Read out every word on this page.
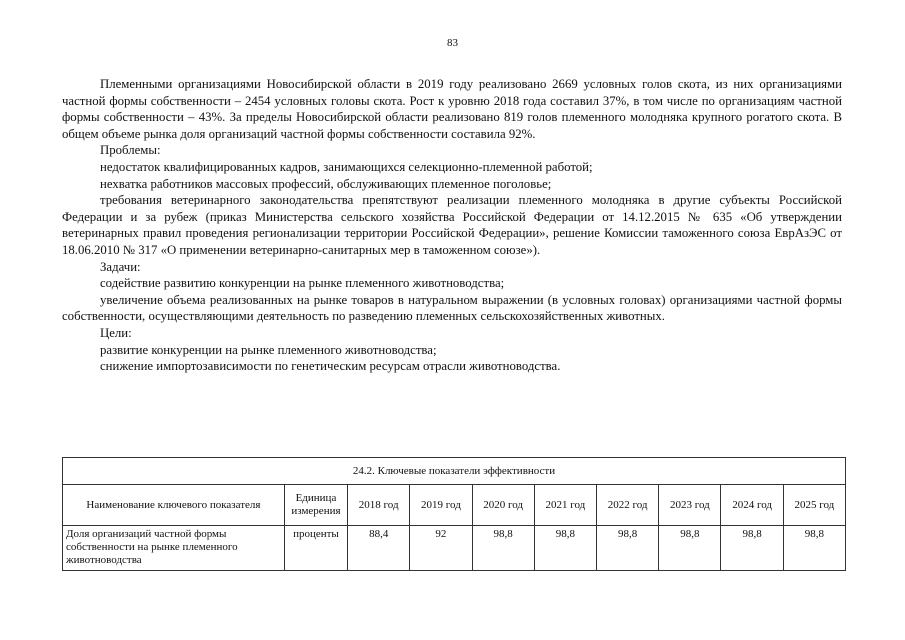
83

Племенными организациями Новосибирской области в 2019 году реализовано 2669 условных голов скота, из них организациями частной формы собственности – 2454 условных головы скота. Рост к уровню 2018 года составил 37%, в том числе по организациям частной формы собственности – 43%. За пределы Новосибирской области реализовано 819 голов племенного молодняка крупного рогатого скота. В общем объеме рынка доля организаций частной формы собственности составила 92%.

Проблемы:

недостаток квалифицированных кадров, занимающихся селекционно-племенной работой;

нехватка работников массовых профессий, обслуживающих племенное поголовье;

требования ветеринарного законодательства препятствуют реализации племенного молодняка в другие субъекты Российской Федерации и за рубеж (приказ Министерства сельского хозяйства Российской Федерации от 14.12.2015 № 635 «Об утверждении ветеринарных правил проведения регионализации территории Российской Федерации», решение Комиссии таможенного союза ЕврАзЭС от 18.06.2010 № 317 «О применении ветеринарно-санитарных мер в таможенном союзе»).

Задачи:

содействие развитию конкуренции на рынке племенного животноводства;

увеличение объема реализованных на рынке товаров в натуральном выражении (в условных головах) организациями частной формы собственности, осуществляющими деятельность по разведению племенных сельскохозяйственных животных.

Цели:

развитие конкуренции на рынке племенного животноводства;

снижение импортозависимости по генетическим ресурсам отрасли животноводства.

24.2. Ключевые показатели эффективности									
Наименование ключевого показателя	Единица измерения	2018 год	2019 год	2020 год	2021 год	2022 год	2023 год	2024 год	2025 год
Доля организаций частной формы собственности на рынке племенного животноводства	проценты	88,4	92	98,8	98,8	98,8	98,8	98,8	98,8
